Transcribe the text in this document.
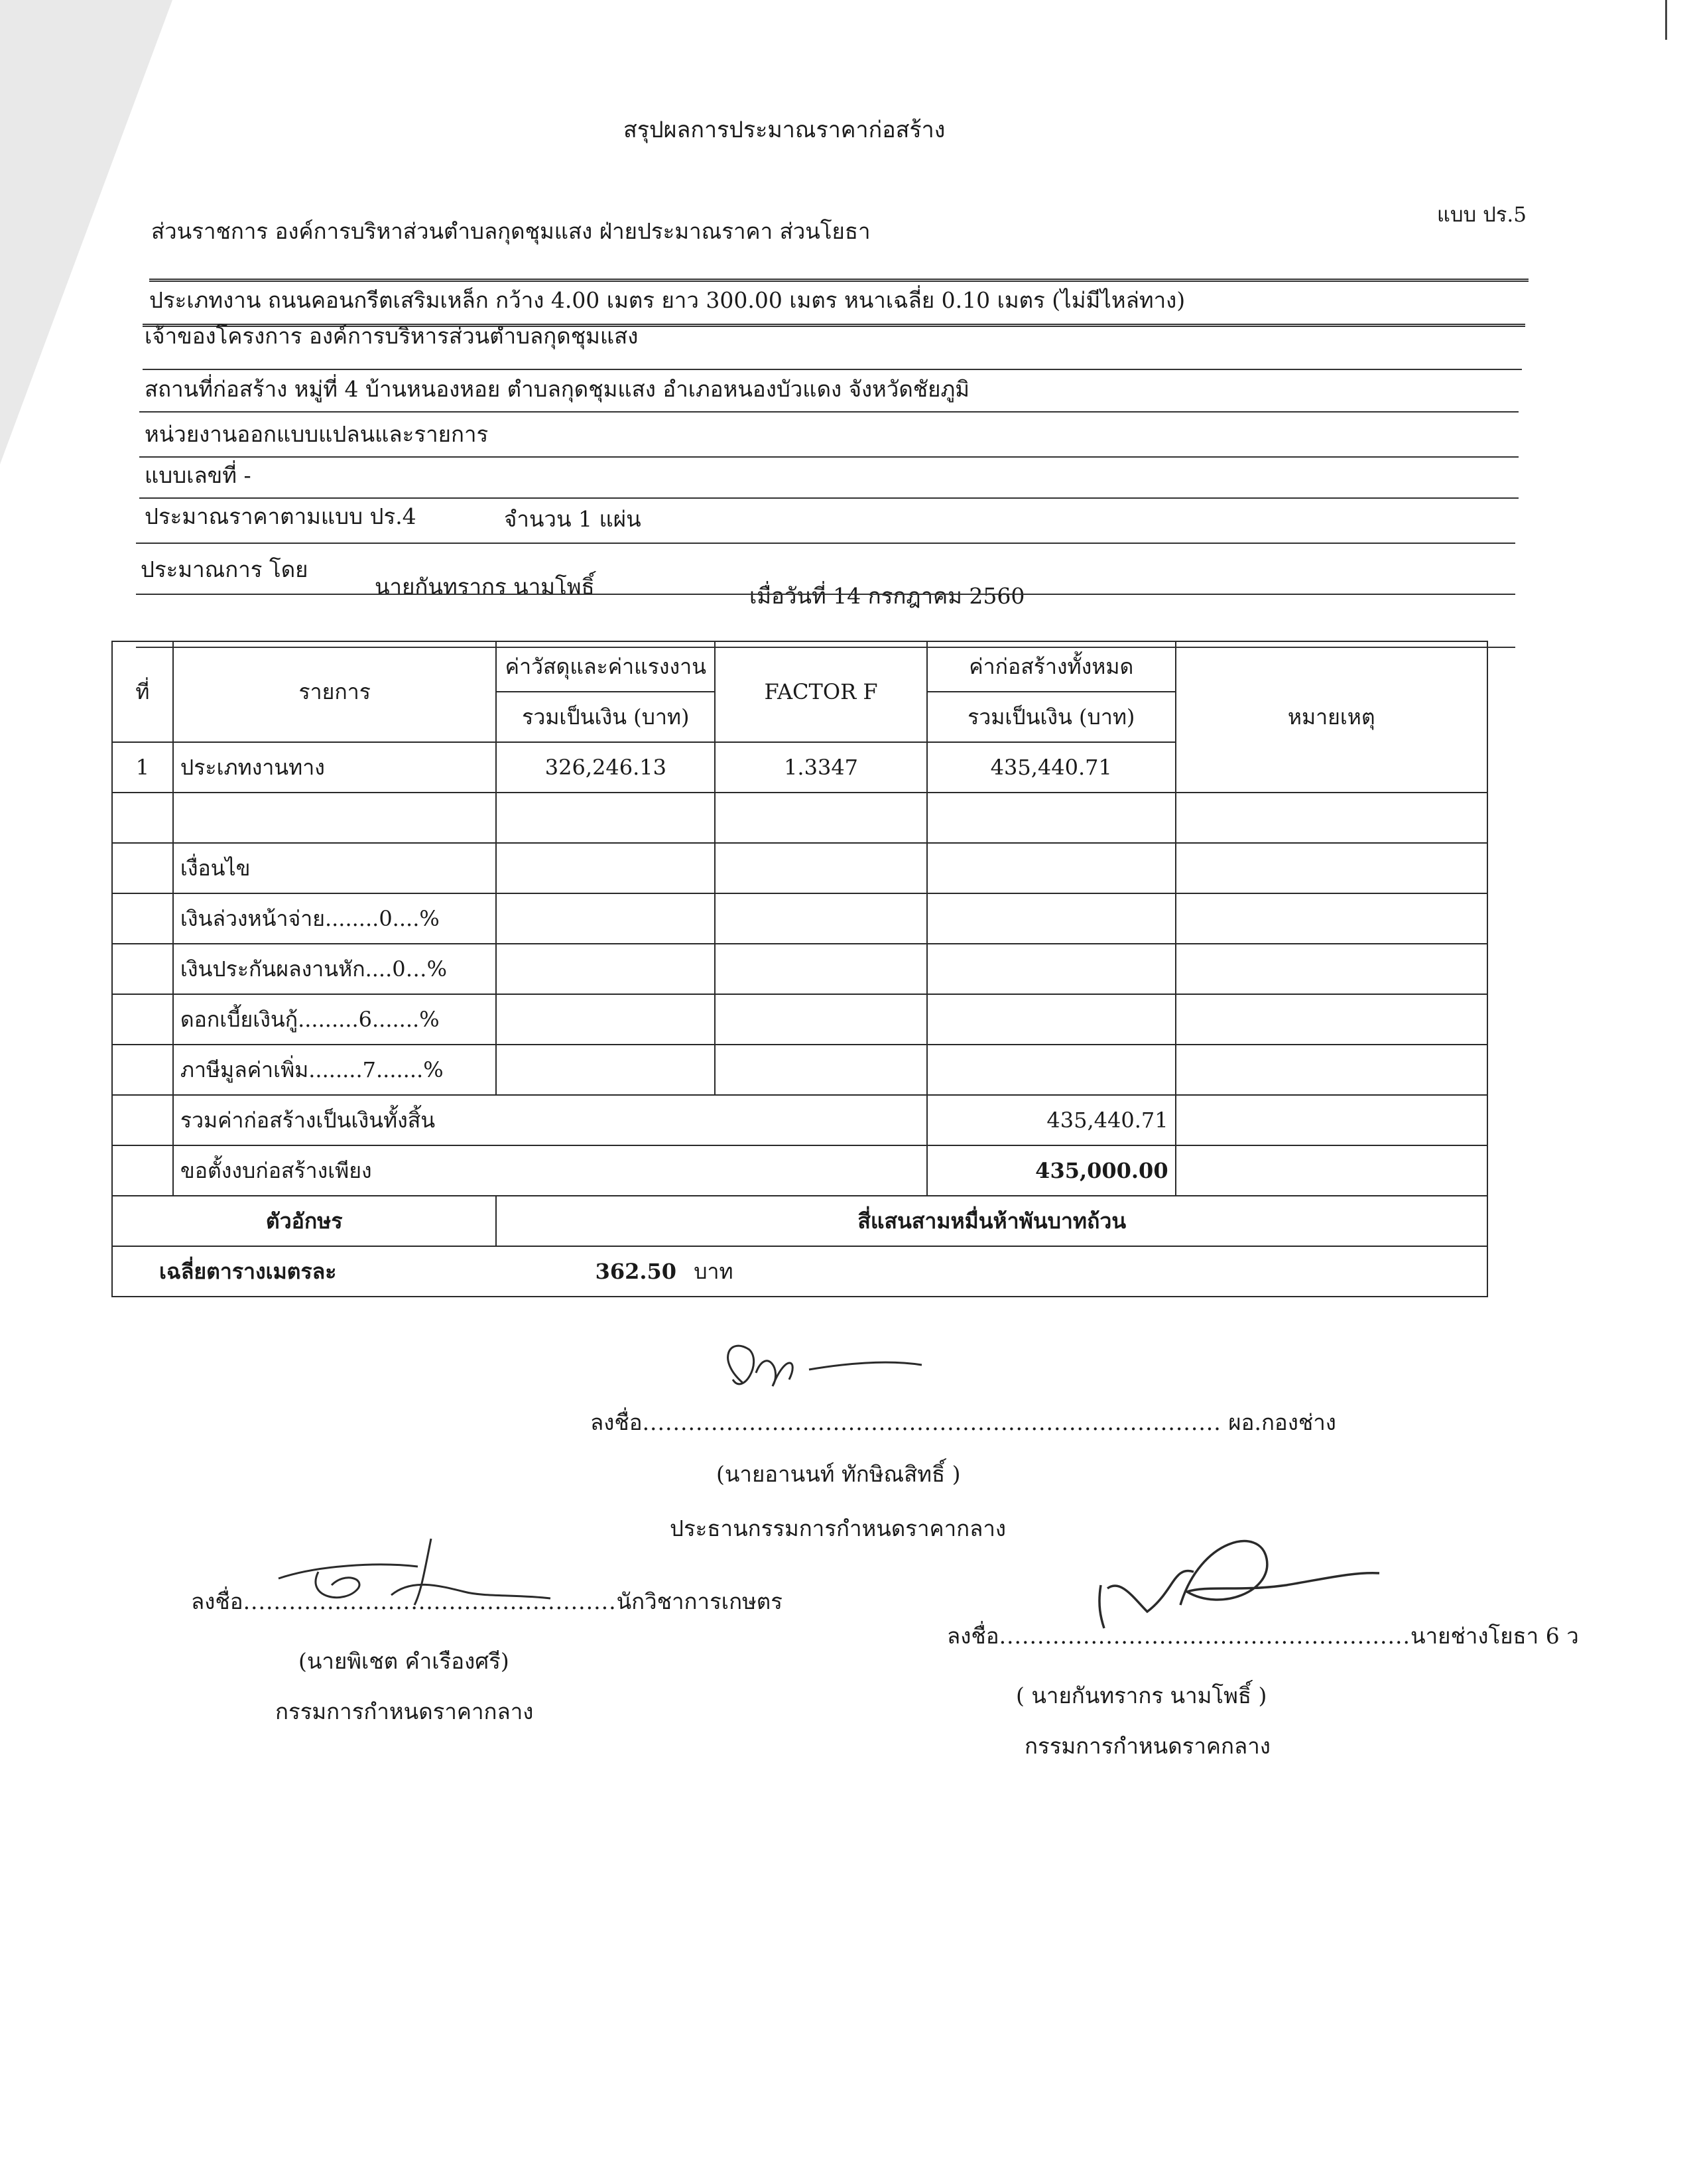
สรุปผลการประมาณราคาก่อสร้าง
แบบ ปร.5
ส่วนราชการ องค์การบริหาส่วนตำบลกุดชุมแสง ฝ่ายประมาณราคา ส่วนโยธา
ประเภทงาน ถนนคอนกรีตเสริมเหล็ก กว้าง 4.00 เมตร ยาว 300.00 เมตร หนาเฉลี่ย 0.10 เมตร (ไม่มีไหล่ทาง)
เจ้าของโครงการ องค์การบริหารส่วนตำบลกุดชุมแสง
สถานที่ก่อสร้าง หมู่ที่ 4 บ้านหนองหอย ตำบลกุดชุมแสง อำเภอหนองบัวแดง จังหวัดชัยภูมิ
หน่วยงานออกแบบแปลนและรายการ
แบบเลขที่ -
ประมาณราคาตามแบบ ปร.4	จำนวน 1 แผ่น
ประมาณการ โดย
นายกันทรากร นามโพธิ์	เมื่อวันที่ 14 กรกฎาคม 2560
ที่	รายการ	ค่าวัสดุและค่าแรงงาน	FACTOR F	ค่าก่อสร้างทั้งหมด	หมายเหตุ
		รวมเป็นเงิน (บาท)		รวมเป็นเงิน (บาท)	
1	ประเภทงานทาง	326,246.13	1.3347	435,440.71	

	เงื่อนไข				
	เงินล่วงหน้าจ่าย........0....%				
	เงินประกันผลงานหัก....0…%				
	ดอกเบี้ยเงินกู้.........6.......%				
	ภาษีมูลค่าเพิ่ม........7.......%				
	รวมค่าก่อสร้างเป็นเงินทั้งสิ้น			435,440.71	
	ขอตั้งงบก่อสร้างเพียง			435,000.00	
ตัวอักษร		สี่แสนสามหมื่นห้าพันบาทถ้วน			
เฉลี่ยตารางเมตรละ 362.50 บาท					
ลงชื่อ............................................................................ ผอ.กองช่าง
(นายอานนท์ ทักษิณสิทธิ์ )
ประธานกรรมการกำหนดราคากลาง
ลงชื่อ.................................................นักวิชาการเกษตร
(นายพิเชต คำเรืองศรี)
กรรมการกำหนดราคากลาง
ลงชื่อ......................................................นายช่างโยธา 6 ว
( นายกันทรากร นามโพธิ์ )
กรรมการกำหนดราคกลาง
